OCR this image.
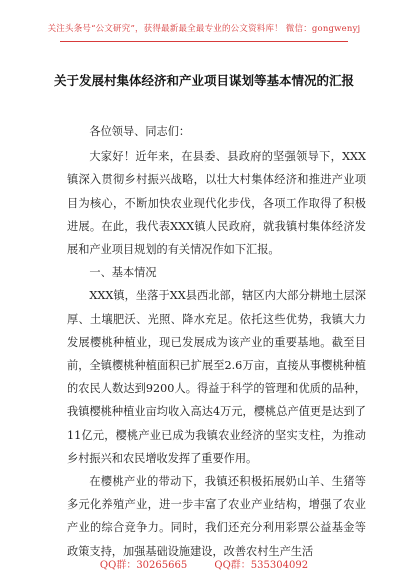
关注头条号“公文研究”，获得最新最全最专业的公文资料库！ 微信：gongwenyj
关于发展村集体经济和产业项目谋划等基本情况的汇报

各位领导、同志们：

大家好！近年来，在县委、县政府的坚强领导下，XXX镇深入贯彻乡村振兴战略，以壮大村集体经济和推进产业项目为核心，不断加快农业现代化步伐，各项工作取得了积极进展。在此，我代表XXX镇人民政府，就我镇村集体经济发展和产业项目规划的有关情况作如下汇报。

一、基本情况

XXX镇，坐落于XX县西北部，辖区内大部分耕地土层深厚、土壤肥沃、光照、降水充足。依托这些优势，我镇大力发展樱桃种植业，现已发展成为该产业的重要基地。截至目前，全镇樱桃种植面积已扩展至2.6万亩，直接从事樱桃种植的农民人数达到9200人。得益于科学的管理和优质的品种，我镇樱桃种植业亩均收入高达4万元，樱桃总产值更是达到了11亿元，樱桃产业已成为我镇农业经济的坚实支柱，为推动乡村振兴和农民增收发挥了重要作用。

在樱桃产业的带动下，我镇还积极拓展奶山羊、生猪等多元化养殖产业，进一步丰富了农业产业结构，增强了农业产业的综合竞争力。同时，我们还充分利用彩票公益基金等政策支持，加强基础设施建设，改善农村生产生活

QQ群：30265665	QQ群：535304092
